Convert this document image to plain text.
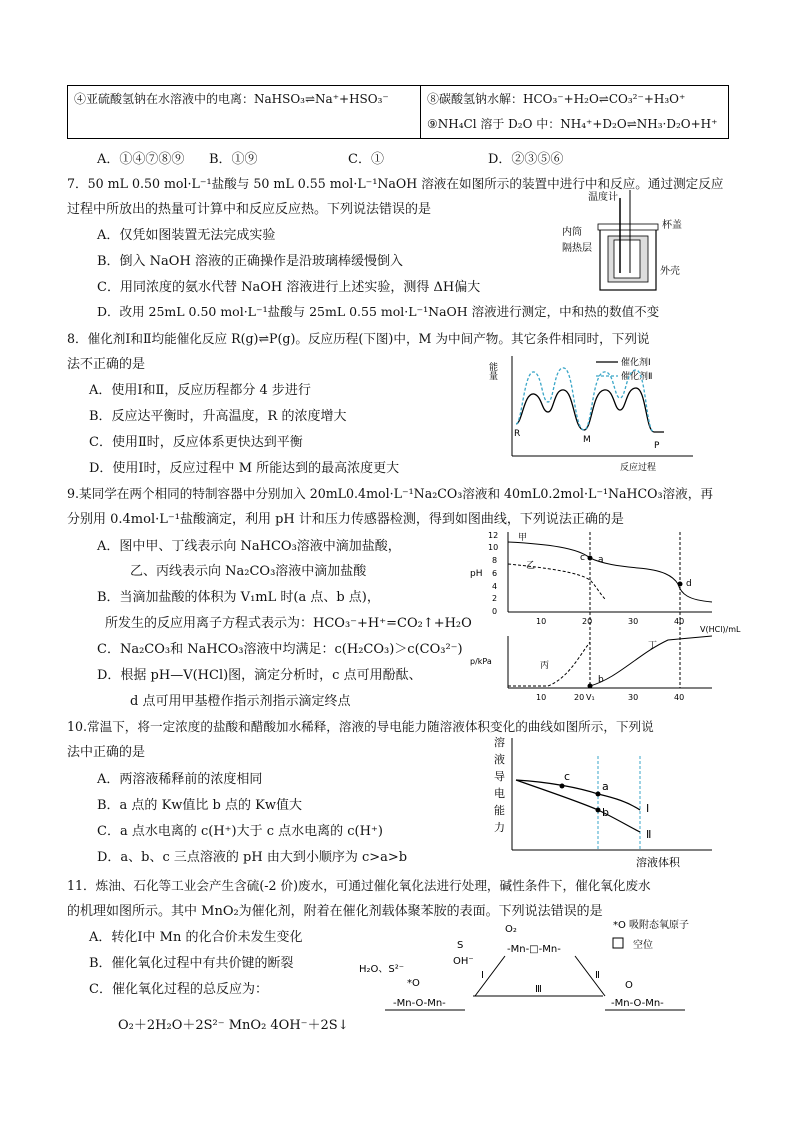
④亚硫酸氢钠在水溶液中的电离：NaHSO₃⇌Na⁺+HSO₃⁻	⑧碳酸氢钠水解：HCO₃⁻+H₂O⇌CO₃²⁻+H₃O⁺
⑨NH₄Cl 溶于 D₂O 中：NH₄⁺+D₂O⇌NH₃·D₂O+H⁺
A．①④⑦⑧⑨ B．①⑨	C．①	D．②③⑤⑥
7．50 mL 0.50 mol·L⁻¹盐酸与 50 mL 0.55 mol·L⁻¹NaOH 溶液在如图所示的装置中进行中和反应。通过测定反应
过程中所放出的热量可计算中和反应反应热。下列说法错误的是
A．仅凭如图装置无法完成实验
B．倒入 NaOH 溶液的正确操作是沿玻璃棒缓慢倒入
C．用同浓度的氨水代替 NaOH 溶液进行上述实验，测得 ΔH偏大
D．改用 25mL 0.50 mol·L⁻¹盐酸与 25mL 0.55 mol·L⁻¹NaOH 溶液进行测定，中和热的数值不变
温度计
杯盖
内筒
隔热层
外壳
8．催化剂Ⅰ和Ⅱ均能催化反应 R(g)⇌P(g)。反应历程(下图)中，M 为中间产物。其它条件相同时，下列说
法不正确的是
A．使用Ⅰ和Ⅱ，反应历程都分 4 步进行
B．反应达平衡时，升高温度，R 的浓度增大
C．使用Ⅱ时，反应体系更快达到平衡
D．使用Ⅰ时，反应过程中 M 所能达到的最高浓度更大
能量
反应过程
催化剂Ⅰ
催化剂Ⅱ
R
M
P
9.某同学在两个相同的特制容器中分别加入 20mL0.4mol·L⁻¹Na₂CO₃溶液和 40mL0.2mol·L⁻¹NaHCO₃溶液，再
分别用 0.4mol·L⁻¹盐酸滴定，利用 pH 计和压力传感器检测，得到如图曲线，下列说法正确的是
A．图中甲、丁线表示向 NaHCO₃溶液中滴加盐酸，
乙、丙线表示向 Na₂CO₃溶液中滴加盐酸
B．当滴加盐酸的体积为 V₁mL 时(a 点、b 点)，
所发生的反应用离子方程式表示为：HCO₃⁻+H⁺=CO₂↑+H₂O
C．Na₂CO₃和 NaHCO₃溶液中均满足：c(H₂CO₃)＞c(CO₃²⁻)
D．根据 pH—V(HCl)图，滴定分析时，c 点可用酚酞、
d 点可用甲基橙作指示剂指示滴定终点
pH
12
10
8
6
4
2
0
甲
乙
a
d
c
10	20	30	40
V(HCl)/mL
p/kPa	丙
丁
b
10	20 V₁	30	40
10.常温下，将一定浓度的盐酸和醋酸加水稀释，溶液的导电能力随溶液体积变化的曲线如图所示，下列说
法中正确的是
A．两溶液稀释前的浓度相同
B．a 点的 Kw值比 b 点的 Kw值大
C．a 点水电离的 c(H⁺)大于 c 点水电离的 c(H⁺)
D．a、b、c 三点溶液的 pH 由大到小顺序为 c>a>b
溶
液
导
电
能
力
溶液体积
c
a
b	Ⅰ
Ⅱ
11．炼油、石化等工业会产生含硫(-2 价)废水，可通过催化氧化法进行处理，碱性条件下，催化氧化废水
的机理如图所示。其中 MnO₂为催化剂，附着在催化剂载体聚苯胺的表面。下列说法错误的是
A．转化Ⅰ中 Mn 的化合价未发生变化
B．催化氧化过程中有共价键的断裂
C．催化氧化过程的总反应为：
O₂＋2H₂O＋2S²⁻ MnO₂ 4OH⁻＋2S↓
*O 吸附态氧原子
空位
O₂
-Mn-□-Mn-
S
OH⁻
H₂O、S²⁻
*O
-Mn-O-Mn-
O
-Mn-O-Mn-
Ⅰ	Ⅱ
Ⅲ
